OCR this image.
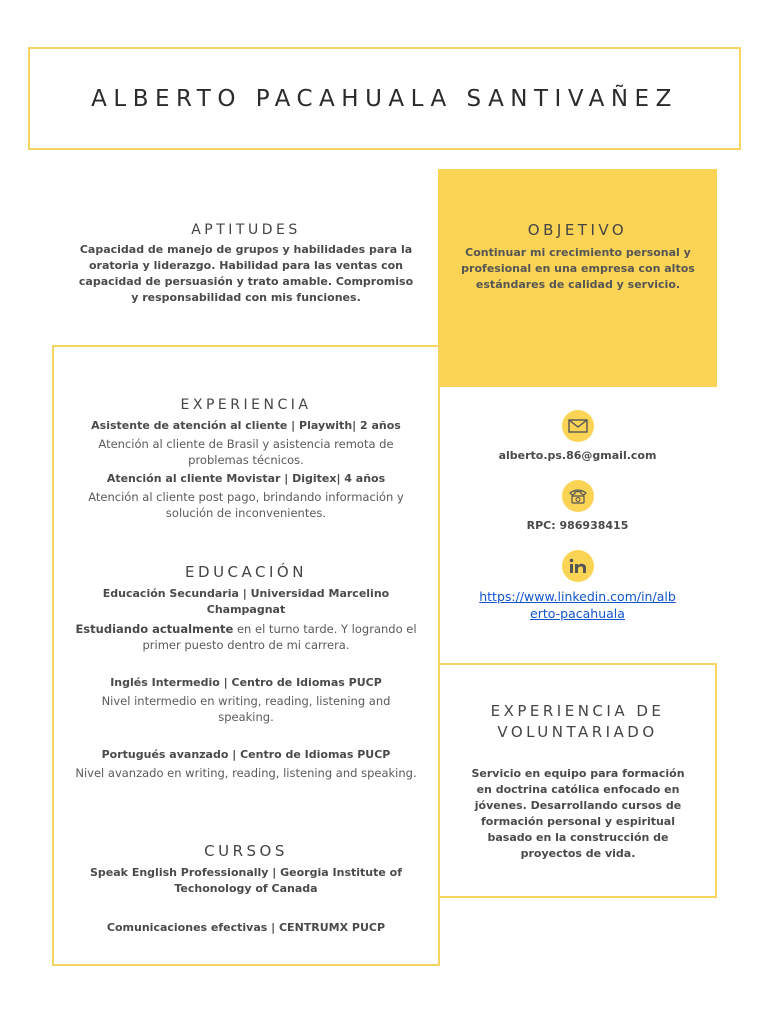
ALBERTO PACAHUALA SANTIVAÑEZ
APTITUDES
Capacidad de manejo de grupos y habilidades para la oratoria y liderazgo. Habilidad para las ventas con capacidad de persuasión y trato amable. Compromiso y responsabilidad con mis funciones.
OBJETIVO
Continuar mi crecimiento personal y profesional en una empresa con altos estándares de calidad y servicio.
EXPERIENCIA
Asistente de atención al cliente | Playwith| 2 años
Atención al cliente de Brasil y asistencia remota de problemas técnicos.
Atención al cliente Movistar | Digitex| 4 años
Atención al cliente post pago, brindando información y solución de inconvenientes.
EDUCACIÓN
Educación Secundaria | Universidad Marcelino Champagnat
Estudiando actualmente en el turno tarde. Y logrando el primer puesto dentro de mi carrera.
Inglés Intermedio | Centro de Idiomas PUCP
Nivel intermedio en writing, reading, listening and speaking.
Portugués avanzado | Centro de Idiomas PUCP
Nivel avanzado en writing, reading, listening and speaking.
CURSOS
Speak English Professionally | Georgia Institute of Techonology of Canada
Comunicaciones efectivas | CENTRUMX PUCP
alberto.ps.86@gmail.com
RPC: 986938415
https://www.linkedin.com/in/alb
erto-pacahuala
EXPERIENCIA DE
VOLUNTARIADO
Servicio en equipo para formación en doctrina católica enfocado en jóvenes. Desarrollando cursos de formación personal y espiritual basado en la construcción de proyectos de vida.
